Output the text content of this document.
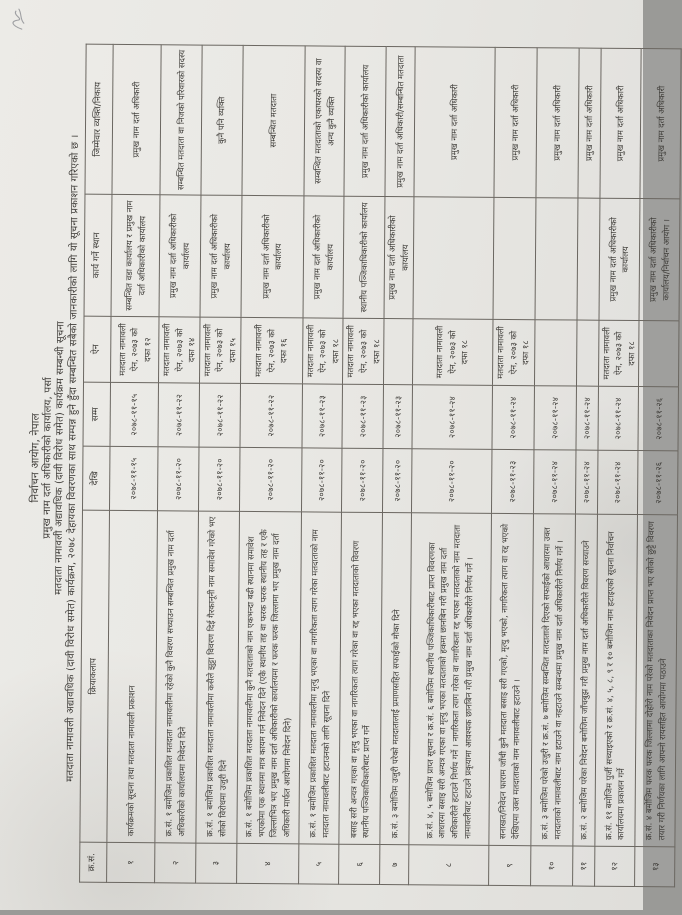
निर्वाचन आयोग, नेपाल प्रमुख नाम दर्ता अधिकारीको कार्यालय, पर्सा मतदाता नामावली अद्यावधिक (दावी विरोध समेत) कार्यक्रम सम्बन्धी सूचना
मतदाता नामावली अद्यावधिक (दावी विरोध समेत) कार्यक्रम, २०७८ देहायका विवरणका साथ सम्पन्न हुने हुँदा सम्बन्धित सबैको जानकारीको लागि यो सूचना प्रकाशन गरिएको छ ।
क्र.सं.	क्रियाकलाप	देखि	सम्म	ऐन	कार्य गर्ने स्थान	जिम्मेवार व्यक्ति/निकाय
१	कार्यक्रमको सूचना तथा मतदाता नामावली प्रकाशन	२०७८-११-१५	२०७८-११-१५	मतदाता नामावली ऐन, २०७३ को दफा १२	सम्बन्धित वडा कार्यालय र प्रमुख नाम दर्ता अधिकारीको कार्यालय	प्रमुख नाम दर्ता अधिकारी
२	क्र.सं. १ बमोजिम प्रकाशित मतदाता नामावलीमा रहेको कुनै विवरण सच्याउन सम्बन्धित प्रमुख नाम दर्ता अधिकारीको कार्यालयमा निवेदन दिने	२०७८-११-२०	२०७८-११-२२	मतदाता नामावली ऐन, २०७३ को दफा १४	प्रमुख नाम दर्ता अधिकारीको कार्यालय	सम्बन्धित मतदाता वा निजको परिवारको सदस्य
३	क्र.सं. १ बमोजिम प्रकाशित मतदाता नामावलीमा कसैले झुट्टा विवरण दिई गैरकानूनी नाम समावेश गरेको भए सोको विरोधमा उजुरी दिने	२०७८-११-२०	२०७८-११-२२	मतदाता नामावली ऐन, २०७३ को दफा १५	प्रमुख नाम दर्ता अधिकारीको कार्यालय	कुनै पनि व्यक्ति
४	क्र.सं. १ बमोजिम प्रकाशित मतदाता नामावलीमा कुनै मतदाताको नाम एकभन्दा बढी स्थानमा समावेश भएकोमा एक स्थानमा मात्र कायम गर्न निवेदन दिने (एकै स्थानीय तह वा फरक फरक स्थानीय तह र एकै जिल्लाभित्र भए प्रमुख नाम दर्ता अधिकारीको कार्यालयमा र फरक फरक जिल्लामा भए प्रमुख नाम दर्ता अधिकारी मार्फत आयोगमा निवेदन दिने)	२०७८-११-२०	२०७८-११-२२	मतदाता नामावली ऐन, २०७३ को दफा १६	प्रमुख नाम दर्ता अधिकारीको कार्यालय	सम्बन्धित मतदाता
५	क्र.सं. १ बमोजिम प्रकाशित मतदाता नामावलीमा मृत्यु भएका वा नागरिकता त्याग गरेका मतदाताको नाम मतदाता नामावलीबाट हटाउनको लागि सूचना दिने	२०७८-११-२०	२०७८-११-२३	मतदाता नामावली ऐन, २०७३ को दफा १८	प्रमुख नाम दर्ता अधिकारीको कार्यालय	सम्बन्धित मतदाताको एकाघरको सदस्य वा अन्य कुनै व्यक्ति
६	बसाइ सरी अन्यत्र गएका वा मृत्यु भएका वा नागरिकता त्याग गरेका वा रद्द भएका मतदाताको विवरण स्थानीय पञ्जिकाधिकारीबाट प्राप्त गर्ने	२०७८-११-२०	२०७८-११-२३	मतदाता नामावली ऐन, २०७३ को दफा १८	स्थानीय पञ्जिकाधिकारीको कार्यालय	प्रमुख नाम दर्ता अधिकारीको कार्यालय
७	क्र.सं. ३ बमोजिम उजुरी परेको मतदातालाई प्रमाणसहित सफाईको मौका दिने	२०७८-११-२०	२०७८-११-२३		प्रमुख नाम दर्ता अधिकारीको कार्यालय	प्रमुख नाम दर्ता अधिकारी/सम्बन्धित मतदाता
८	क्र.सं. ४, ५ बमोजिम प्राप्त सूचना र क्र.सं. ६ बमोजिम स्थानीय पञ्जिकाधिकारीबाट प्राप्त विवरणका आधारमा बसाइ सरी अन्यत्र गएका वा मृत्यु भएका मतदाताको हकमा छानबिन गरी प्रमुख नाम दर्ता अधिकारीले हटाउने निर्णय गर्ने । नागरिकता त्याग गरेका वा नागरिकता रद्द भएका मतदाताको नाम मतदाता नामावलीबाट हटाउने प्रकृयामा आवश्यक छानबिन गरी प्रमुख नाम दर्ता अधिकारीले निर्णय गर्ने ।	२०७८-११-२०	२०७८-११-२४	मतदाता नामावली ऐन, २०७३ को दफा १८		प्रमुख नाम दर्ता अधिकारी
९	सनाखत/निवेदन फाराम जाँची कुनै मतदाता बसाइ सरी गएको, मृत्यु भएको, नागरिकता त्याग वा रद्द भएको देखिएमा उक्त मतदाताको नाम नामावलीबाट हटाउने ।	२०७८-११-२३	२०७८-११-२४	मतदाता नामावली ऐन, २०७३ को दफा १८		प्रमुख नाम दर्ता अधिकारी
१०	क्र.सं. ३ बमोजिम परेको उजुरी र क्र.सं. ७ बमोजिम सम्बन्धित मतदाताले दिएको सफाईको आधारमा उक्त मतदाताको नामावलीबाट नाम हटाउने वा नहटाउने सम्बन्धमा प्रमुख नाम दर्ता अधिकारीले निर्णय गर्ने ।	२०७८-११-२४	२०७८-११-२४			प्रमुख नाम दर्ता अधिकारी
११	क्र.सं. २ बमोजिम परेका निवेदन बमोजिम जाँचबुझ गरी प्रमुख नाम दर्ता अधिकारीले विवरण सच्याउने	२०७८-११-२४	२०७८-११-२४			प्रमुख नाम दर्ता अधिकारी
१२	क्र.सं. ११ बमोजिम पुर्जी सच्याइएको र क्र.सं. ४, ५, ८, ९ र १० बमोजिम नाम हटाइएको सूचना निर्वाचन कार्यालयमा प्रकाशन गर्ने	२०७८-११-२४	२०७८-११-२४	मतदाता नामावली ऐन, २०७३ को दफा १८	प्रमुख नाम दर्ता अधिकारीको कार्यालय	प्रमुख नाम दर्ता अधिकारी
१३	क्र.सं. ४ बमोजिम फरक फरक जिल्लामा दोहोरो नाम परेको मतदाताका निवेदन प्राप्त भए सोको छुट्टै विवरण तयार गरी निर्णयका लागि आफ्नो रायसहित आयोगमा पठाउने	२०७८-११-२६	२०७८-११-२६		प्रमुख नाम दर्ता अधिकारीको कार्यालय/निर्वाचन आयोग ।	प्रमुख नाम दर्ता अधिकारी
